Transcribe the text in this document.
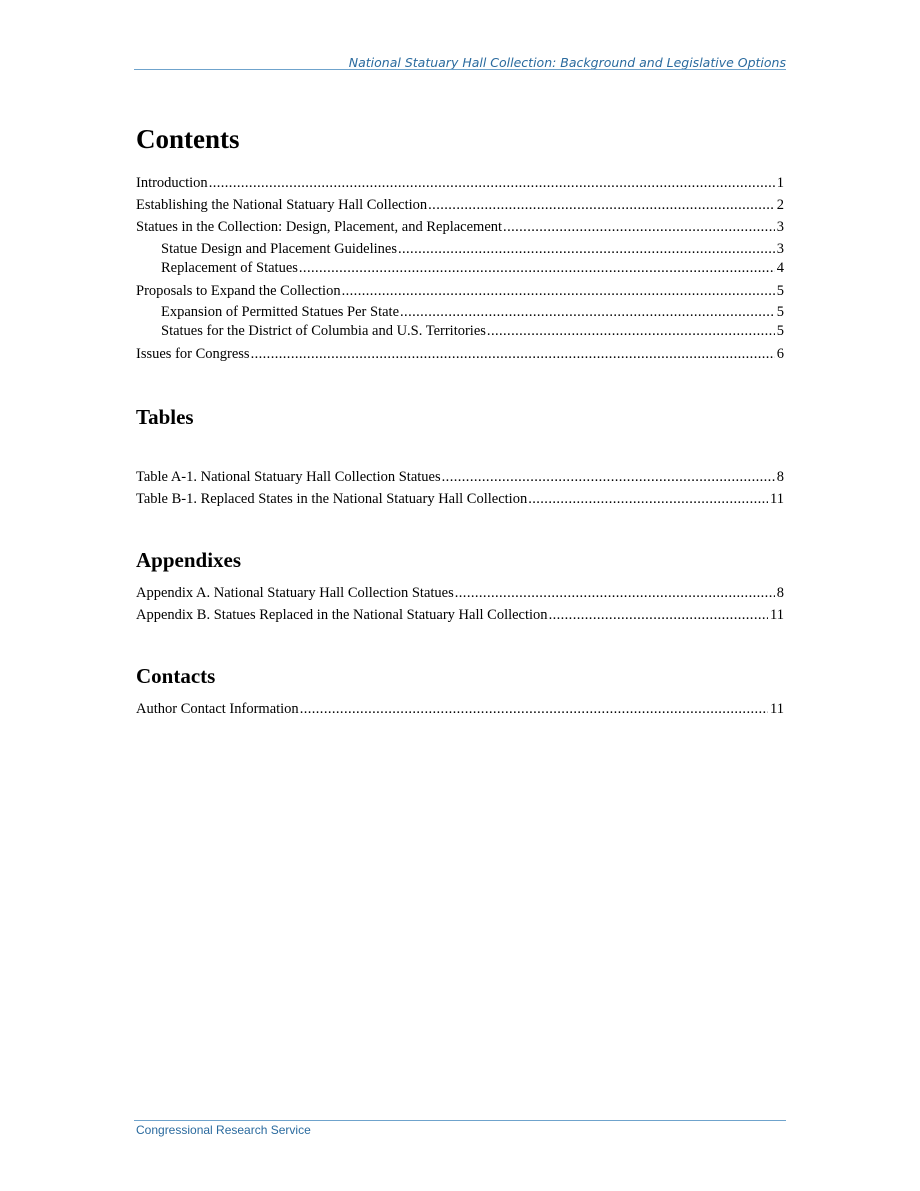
National Statuary Hall Collection: Background and Legislative Options
Contents
Introduction .....	1
Establishing the National Statuary Hall Collection .....	2
Statues in the Collection: Design, Placement, and Replacement .....	3
Statue Design and Placement Guidelines .....	3
Replacement of Statues .....	4
Proposals to Expand the Collection .....	5
Expansion of Permitted Statues Per State .....	5
Statues for the District of Columbia and U.S. Territories .....	5
Issues for Congress .....	6
Tables
Table A-1. National Statuary Hall Collection Statues .....	8
Table B-1. Replaced States in the National Statuary Hall Collection .....	11
Appendixes
Appendix A. National Statuary Hall Collection Statues .....	8
Appendix B. Statues Replaced in the National Statuary Hall Collection .....	11
Contacts
Author Contact Information .....	11
Congressional Research Service
